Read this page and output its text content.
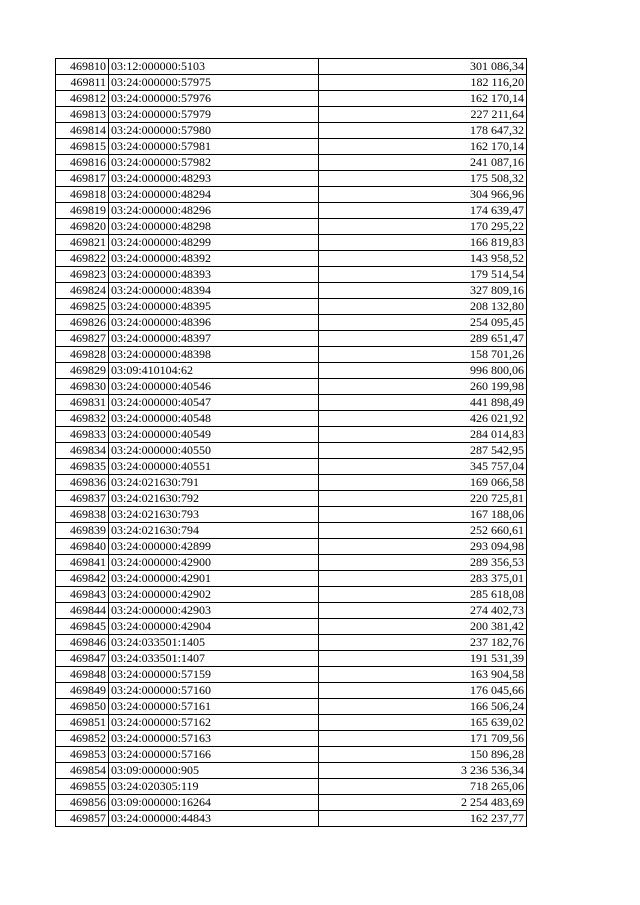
469810	03:12:000000:5103	301 086,34
469811	03:24:000000:57975	182 116,20
469812	03:24:000000:57976	162 170,14
469813	03:24:000000:57979	227 211,64
469814	03:24:000000:57980	178 647,32
469815	03:24:000000:57981	162 170,14
469816	03:24:000000:57982	241 087,16
469817	03:24:000000:48293	175 508,32
469818	03:24:000000:48294	304 966,96
469819	03:24:000000:48296	174 639,47
469820	03:24:000000:48298	170 295,22
469821	03:24:000000:48299	166 819,83
469822	03:24:000000:48392	143 958,52
469823	03:24:000000:48393	179 514,54
469824	03:24:000000:48394	327 809,16
469825	03:24:000000:48395	208 132,80
469826	03:24:000000:48396	254 095,45
469827	03:24:000000:48397	289 651,47
469828	03:24:000000:48398	158 701,26
469829	03:09:410104:62	996 800,06
469830	03:24:000000:40546	260 199,98
469831	03:24:000000:40547	441 898,49
469832	03:24:000000:40548	426 021,92
469833	03:24:000000:40549	284 014,83
469834	03:24:000000:40550	287 542,95
469835	03:24:000000:40551	345 757,04
469836	03:24:021630:791	169 066,58
469837	03:24:021630:792	220 725,81
469838	03:24:021630:793	167 188,06
469839	03:24:021630:794	252 660,61
469840	03:24:000000:42899	293 094,98
469841	03:24:000000:42900	289 356,53
469842	03:24:000000:42901	283 375,01
469843	03:24:000000:42902	285 618,08
469844	03:24:000000:42903	274 402,73
469845	03:24:000000:42904	200 381,42
469846	03:24:033501:1405	237 182,76
469847	03:24:033501:1407	191 531,39
469848	03:24:000000:57159	163 904,58
469849	03:24:000000:57160	176 045,66
469850	03:24:000000:57161	166 506,24
469851	03:24:000000:57162	165 639,02
469852	03:24:000000:57163	171 709,56
469853	03:24:000000:57166	150 896,28
469854	03:09:000000:905	3 236 536,34
469855	03:24:020305:119	718 265,06
469856	03:09:000000:16264	2 254 483,69
469857	03:24:000000:44843	162 237,77
